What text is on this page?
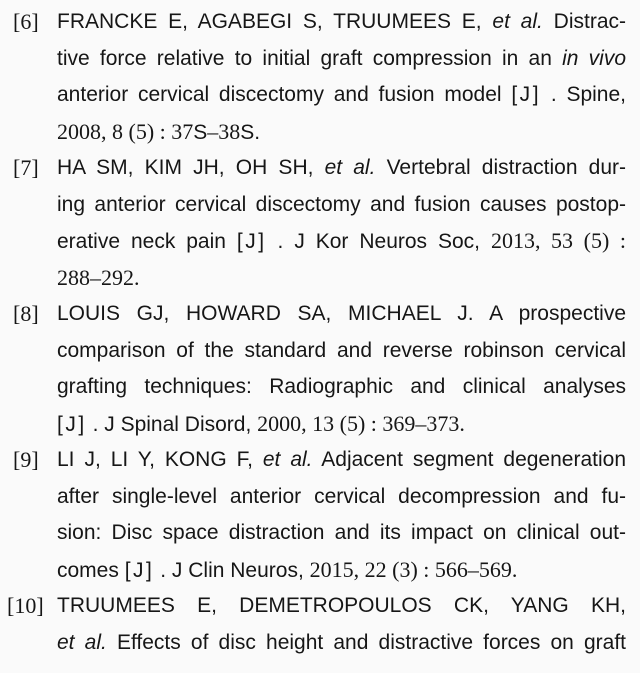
[6] FRANCKE E, AGABEGI S, TRUUMEES E, et al. Distrac-
tive force relative to initial graft compression in an in vivo
anterior cervical discectomy and fusion model [J] . Spine,
2008, 8 (5) : 37S–38S.
[7] HA SM, KIM JH, OH SH, et al. Vertebral distraction dur-
ing anterior cervical discectomy and fusion causes postop-
erative neck pain [J] . J Kor Neuros Soc, 2013, 53 (5) :
288–292.
[8] LOUIS GJ, HOWARD SA, MICHAEL J. A prospective
comparison of the standard and reverse robinson cervical
grafting techniques: Radiographic and clinical analyses
[J] . J Spinal Disord, 2000, 13 (5) : 369–373.
[9] LI J, LI Y, KONG F, et al. Adjacent segment degeneration
after single-level anterior cervical decompression and fu-
sion: Disc space distraction and its impact on clinical out-
comes [J] . J Clin Neuros, 2015, 22 (3) : 566–569.
[10] TRUUMEES E, DEMETROPOULOS CK, YANG KH,
et al. Effects of disc height and distractive forces on graft
